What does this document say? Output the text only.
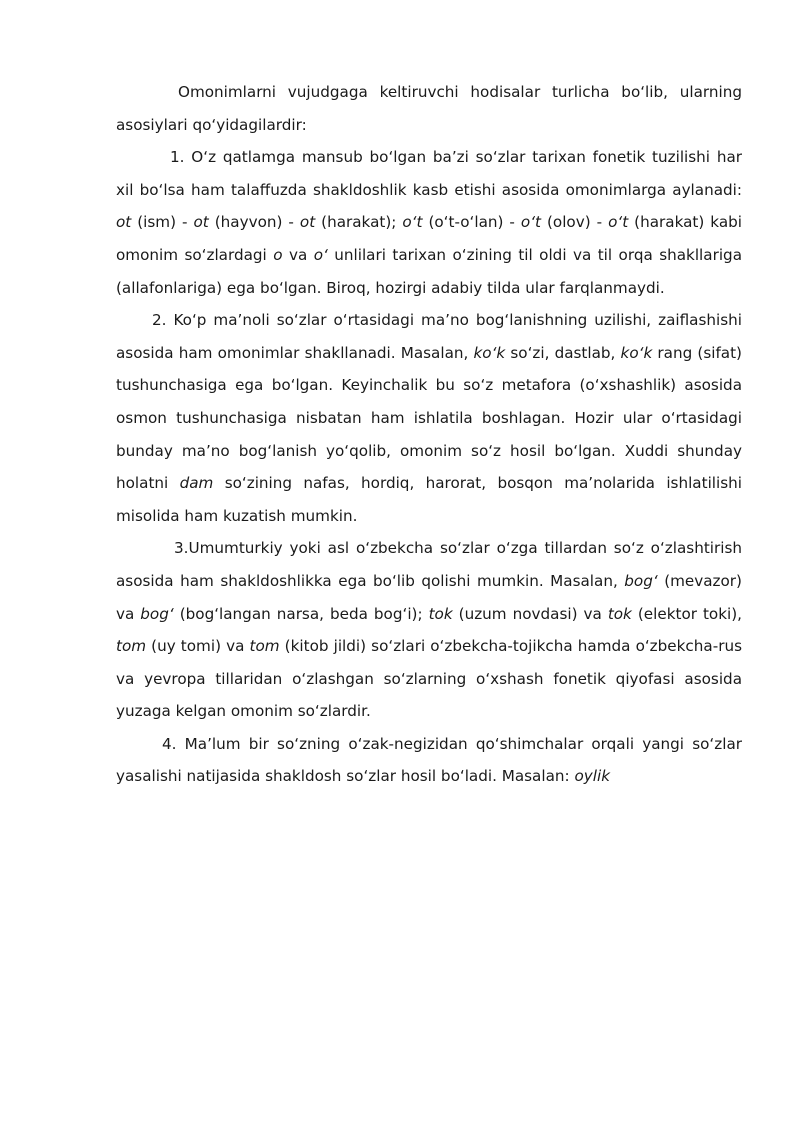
Omonimlarni vujudgaga keltiruvchi hodisalar turlicha bo‘lib, ularning asosiylari qo‘yidagilardir:

1. O‘z qatlamga mansub bo‘lgan ba’zi so‘zlar tarixan fonetik tuzilishi har xil bo‘lsa ham talaffuzda shakldoshlik kasb etishi asosida omonimlarga aylanadi: ot (ism) - ot (hayvon) - ot (harakat); o‘t (o‘t-o‘lan) - o‘t (olov) - o‘t (harakat) kabi omonim so‘zlardagi o va o‘ unlilari tarixan o‘zining til oldi va til orqa shakllariga (allafonlariga) ega bo‘lgan. Biroq, hozirgi adabiy tilda ular farqlanmaydi.

2. Ko‘p ma’noli so‘zlar o‘rtasidagi ma’no bog‘lanishning uzilishi, zaiflashishi asosida ham omonimlar shakllanadi. Masalan, ko‘k so‘zi, dastlab, ko‘k rang (sifat) tushunchasiga ega bo‘lgan. Keyinchalik bu so‘z metafora (o‘xshashlik) asosida osmon tushunchasiga nisbatan ham ishlatila boshlagan. Hozir ular o‘rtasidagi bunday ma’no bog‘lanish yo‘qolib, omonim so‘z hosil bo‘lgan. Xuddi shunday holatni dam so‘zining nafas, hordiq, harorat, bosqon ma’nolarida ishlatilishi misolida ham kuzatish mumkin.

3.Umumturkiy yoki asl o‘zbekcha so‘zlar o‘zga tillardan so‘z o‘zlashtirish asosida ham shakldoshlikka ega bo‘lib qolishi mumkin. Masalan, bog‘ (mevazor) va bog‘ (bog‘langan narsa, beda bog‘i); tok (uzum novdasi) va tok (elektor toki), tom (uy tomi) va tom (kitob jildi) so‘zlari o‘zbekcha-tojikcha hamda o‘zbekcha-rus va yevropa tillaridan o‘zlashgan so‘zlarning o‘xshash fonetik qiyofasi asosida yuzaga kelgan omonim so‘zlardir.

4. Ma’lum bir so‘zning o‘zak-negizidan qo‘shimchalar orqali yangi so‘zlar yasalishi natijasida shakldosh so‘zlar hosil bo‘ladi. Masalan: oylik
